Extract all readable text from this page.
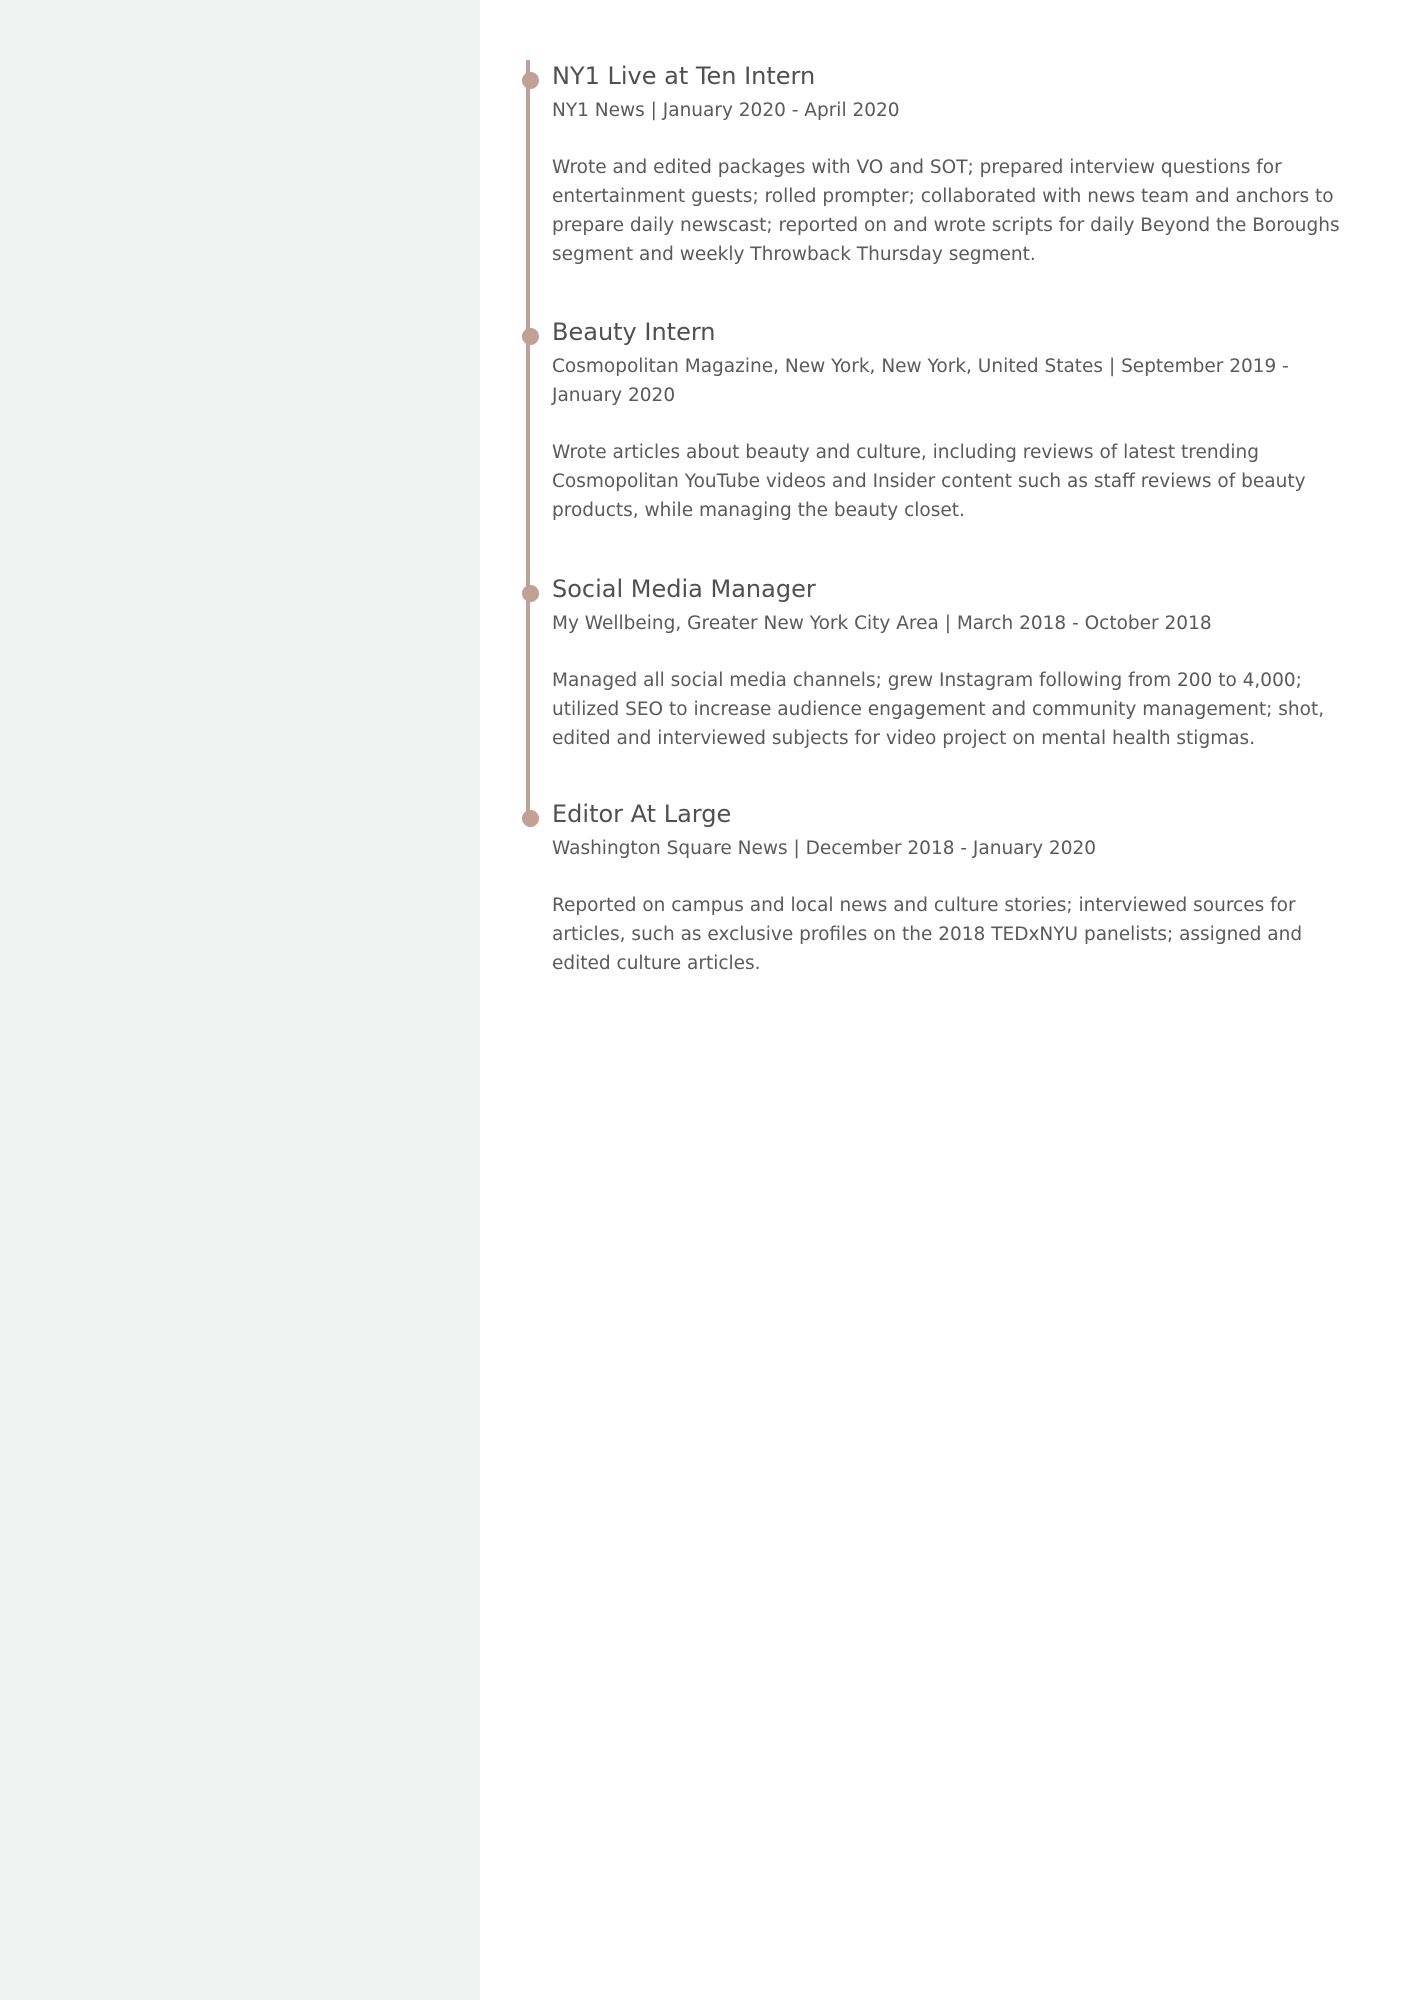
NY1 Live at Ten Intern
NY1 News | January 2020 - April 2020
Wrote and edited packages with VO and SOT; prepared interview questions for entertainment guests; rolled prompter; collaborated with news team and anchors to prepare daily newscast; reported on and wrote scripts for daily Beyond the Boroughs segment and weekly Throwback Thursday segment.
Beauty Intern
Cosmopolitan Magazine, New York, New York, United States | September 2019 - January 2020
Wrote articles about beauty and culture, including reviews of latest trending Cosmopolitan YouTube videos and Insider content such as staff reviews of beauty products, while managing the beauty closet.
Social Media Manager
My Wellbeing, Greater New York City Area | March 2018 - October 2018
Managed all social media channels; grew Instagram following from 200 to 4,000; utilized SEO to increase audience engagement and community management; shot, edited and interviewed subjects for video project on mental health stigmas.
Editor At Large
Washington Square News | December 2018 - January 2020
Reported on campus and local news and culture stories; interviewed sources for articles, such as exclusive profiles on the 2018 TEDxNYU panelists; assigned and edited culture articles.
